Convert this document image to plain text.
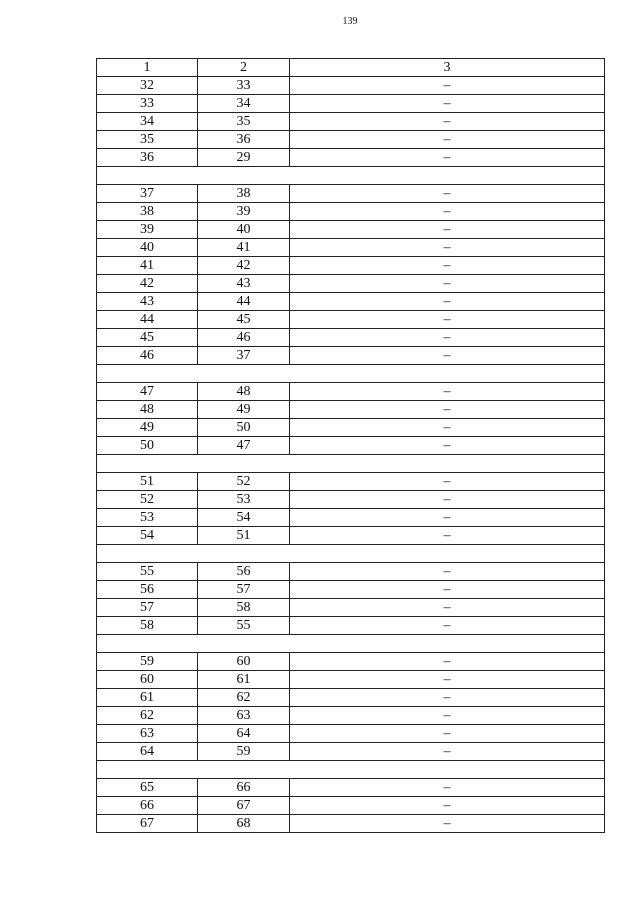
139
1	2	3
32	33	–
33	34	–
34	35	–
35	36	–
36	29	–

37	38	–
38	39	–
39	40	–
40	41	–
41	42	–
42	43	–
43	44	–
44	45	–
45	46	–
46	37	–

47	48	–
48	49	–
49	50	–
50	47	–

51	52	–
52	53	–
53	54	–
54	51	–

55	56	–
56	57	–
57	58	–
58	55	–

59	60	–
60	61	–
61	62	–
62	63	–
63	64	–
64	59	–

65	66	–
66	67	–
67	68	–
